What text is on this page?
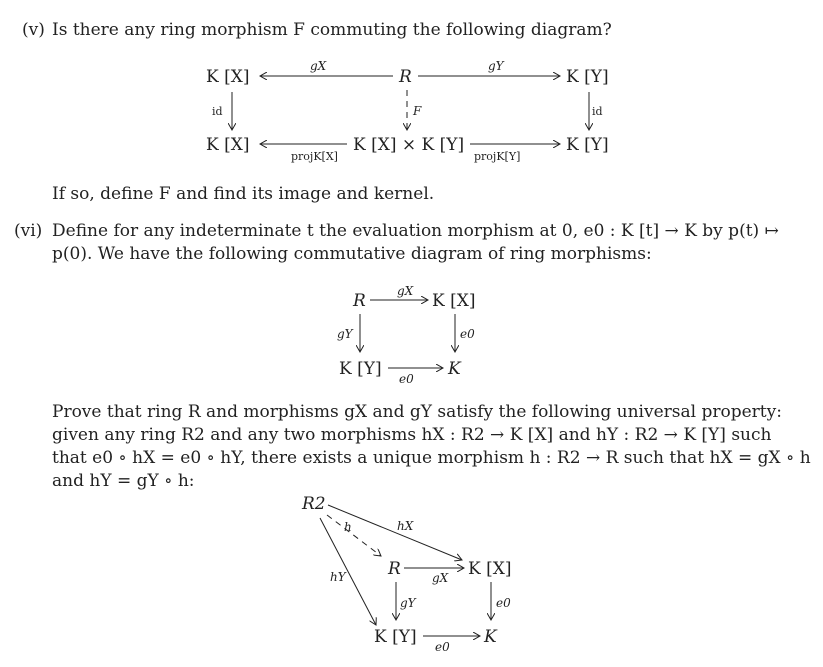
(v) Is there any ring morphism F commuting the following diagram?
K [X]	R	K [Y]
K [X]	K [X] × K [Y]	K [Y]
gX	gY
id	id
F
projK[X]	projK[Y]
If so, define F and find its image and kernel.
(vi) Define for any indeterminate t the evaluation morphism at 0, e0 : K [t] → K by p(t) ↦
p(0). We have the following commutative diagram of ring morphisms:
R	K [X]
K [Y]	K
gX
gY	e0
e0
Prove that ring R and morphisms gX and gY satisfy the following universal property:
given any ring R2 and any two morphisms hX : R2 → K [X] and hY : R2 → K [Y] such
that e0 ∘ hX = e0 ∘ hY, there exists a unique morphism h : R2 → R such that hX = gX ∘ h
and hY = gY ∘ h:
R2
R	K [X]
K [Y]	K
h	hX
hY	gX
gY	e0
e0
